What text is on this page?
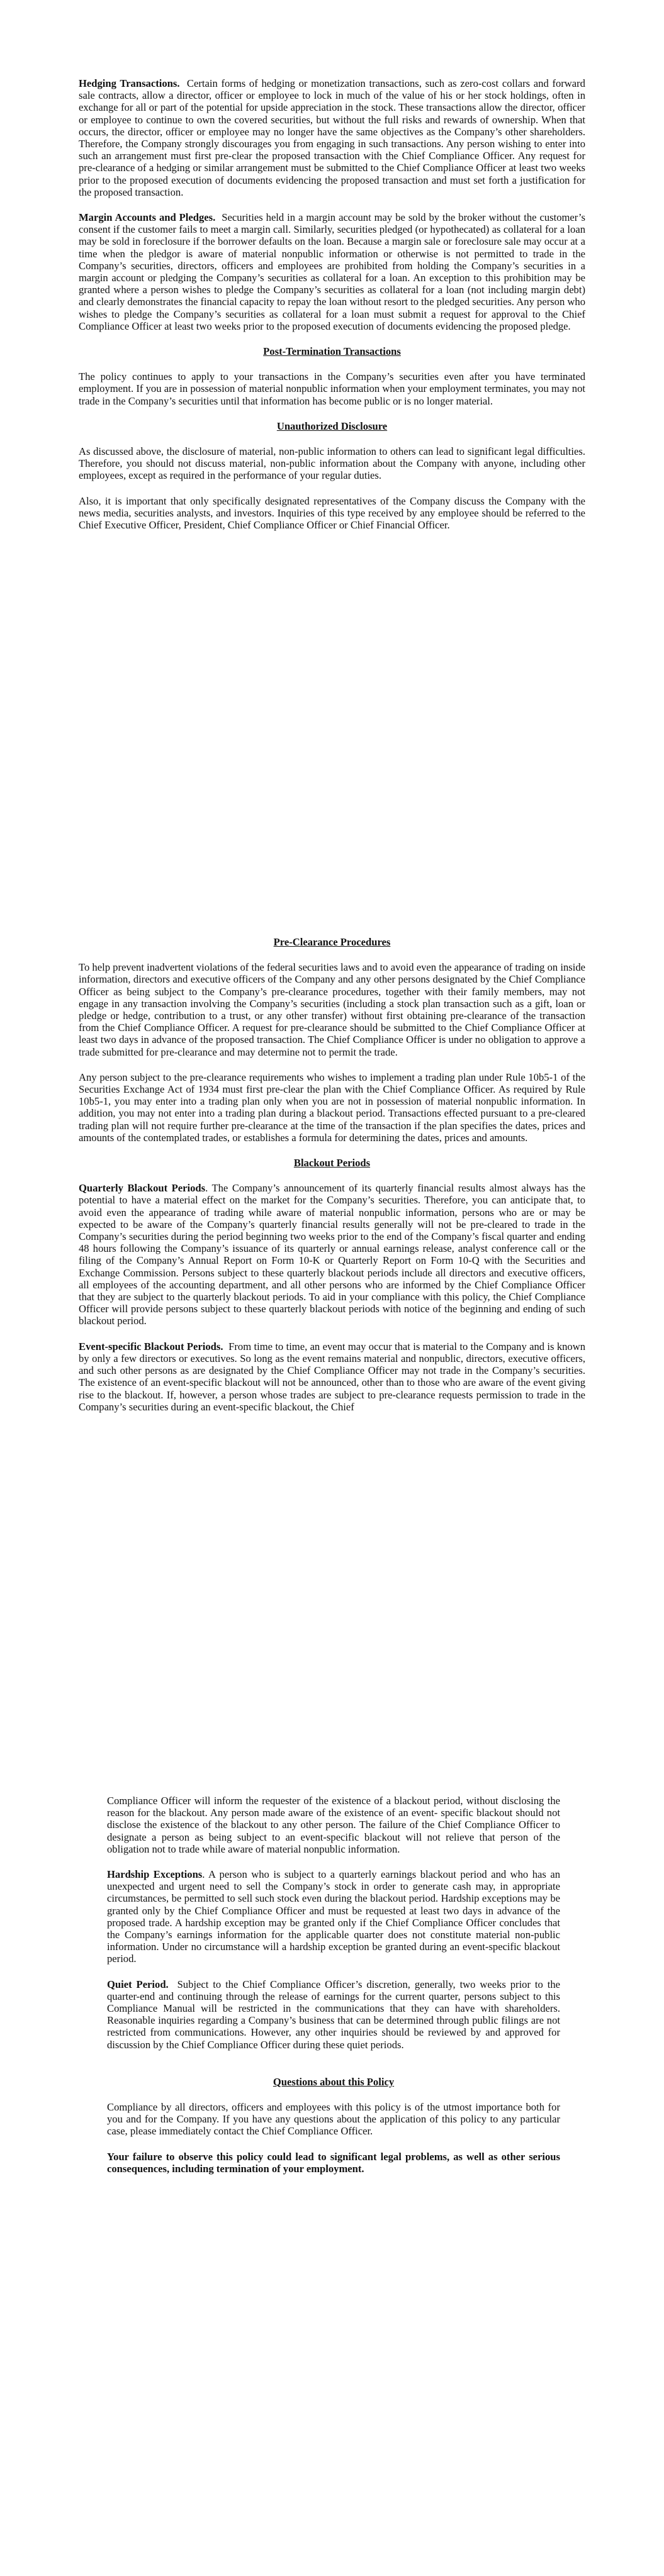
Hedging Transactions. Certain forms of hedging or monetization transactions, such as zero-cost collars and forward sale contracts, allow a director, officer or employee to lock in much of the value of his or her stock holdings, often in exchange for all or part of the potential for upside appreciation in the stock. These transactions allow the director, officer or employee to continue to own the covered securities, but without the full risks and rewards of ownership. When that occurs, the director, officer or employee may no longer have the same objectives as the Company’s other shareholders. Therefore, the Company strongly discourages you from engaging in such transactions. Any person wishing to enter into such an arrangement must first pre-clear the proposed transaction with the Chief Compliance Officer. Any request for pre-clearance of a hedging or similar arrangement must be submitted to the Chief Compliance Officer at least two weeks prior to the proposed execution of documents evidencing the proposed transaction and must set forth a justification for the proposed transaction.

Margin Accounts and Pledges. Securities held in a margin account may be sold by the broker without the customer’s consent if the customer fails to meet a margin call. Similarly, securities pledged (or hypothecated) as collateral for a loan may be sold in foreclosure if the borrower defaults on the loan. Because a margin sale or foreclosure sale may occur at a time when the pledgor is aware of material nonpublic information or otherwise is not permitted to trade in the Company’s securities, directors, officers and employees are prohibited from holding the Company’s securities in a margin account or pledging the Company’s securities as collateral for a loan. An exception to this prohibition may be granted where a person wishes to pledge the Company’s securities as collateral for a loan (not including margin debt) and clearly demonstrates the financial capacity to repay the loan without resort to the pledged securities. Any person who wishes to pledge the Company’s securities as collateral for a loan must submit a request for approval to the Chief Compliance Officer at least two weeks prior to the proposed execution of documents evidencing the proposed pledge.

Post-Termination Transactions

The policy continues to apply to your transactions in the Company’s securities even after you have terminated employment. If you are in possession of material nonpublic information when your employment terminates, you may not trade in the Company’s securities until that information has become public or is no longer material.

Unauthorized Disclosure

As discussed above, the disclosure of material, non-public information to others can lead to significant legal difficulties. Therefore, you should not discuss material, non-public information about the Company with anyone, including other employees, except as required in the performance of your regular duties.

Also, it is important that only specifically designated representatives of the Company discuss the Company with the news media, securities analysts, and investors. Inquiries of this type received by any employee should be referred to the Chief Executive Officer, President, Chief Compliance Officer or Chief Financial Officer.

Pre-Clearance Procedures

To help prevent inadvertent violations of the federal securities laws and to avoid even the appearance of trading on inside information, directors and executive officers of the Company and any other persons designated by the Chief Compliance Officer as being subject to the Company’s pre-clearance procedures, together with their family members, may not engage in any transaction involving the Company’s securities (including a stock plan transaction such as a gift, loan or pledge or hedge, contribution to a trust, or any other transfer) without first obtaining pre-clearance of the transaction from the Chief Compliance Officer. A request for pre-clearance should be submitted to the Chief Compliance Officer at least two days in advance of the proposed transaction. The Chief Compliance Officer is under no obligation to approve a trade submitted for pre-clearance and may determine not to permit the trade.

Any person subject to the pre-clearance requirements who wishes to implement a trading plan under Rule 10b5-1 of the Securities Exchange Act of 1934 must first pre-clear the plan with the Chief Compliance Officer. As required by Rule 10b5-1, you may enter into a trading plan only when you are not in possession of material nonpublic information. In addition, you may not enter into a trading plan during a blackout period. Transactions effected pursuant to a pre-cleared trading plan will not require further pre-clearance at the time of the transaction if the plan specifies the dates, prices and amounts of the contemplated trades, or establishes a formula for determining the dates, prices and amounts.

Blackout Periods

Quarterly Blackout Periods. The Company’s announcement of its quarterly financial results almost always has the potential to have a material effect on the market for the Company’s securities. Therefore, you can anticipate that, to avoid even the appearance of trading while aware of material nonpublic information, persons who are or may be expected to be aware of the Company’s quarterly financial results generally will not be pre-cleared to trade in the Company’s securities during the period beginning two weeks prior to the end of the Company’s fiscal quarter and ending 48 hours following the Company’s issuance of its quarterly or annual earnings release, analyst conference call or the filing of the Company’s Annual Report on Form 10-K or Quarterly Report on Form 10-Q with the Securities and Exchange Commission. Persons subject to these quarterly blackout periods include all directors and executive officers, all employees of the accounting department, and all other persons who are informed by the Chief Compliance Officer that they are subject to the quarterly blackout periods. To aid in your compliance with this policy, the Chief Compliance Officer will provide persons subject to these quarterly blackout periods with notice of the beginning and ending of such blackout period.

Event-specific Blackout Periods. From time to time, an event may occur that is material to the Company and is known by only a few directors or executives. So long as the event remains material and nonpublic, directors, executive officers, and such other persons as are designated by the Chief Compliance Officer may not trade in the Company’s securities. The existence of an event-specific blackout will not be announced, other than to those who are aware of the event giving rise to the blackout. If, however, a person whose trades are subject to pre-clearance requests permission to trade in the Company’s securities during an event-specific blackout, the Chief

Compliance Officer will inform the requester of the existence of a blackout period, without disclosing the reason for the blackout. Any person made aware of the existence of an event- specific blackout should not disclose the existence of the blackout to any other person. The failure of the Chief Compliance Officer to designate a person as being subject to an event-specific blackout will not relieve that person of the obligation not to trade while aware of material nonpublic information.

Hardship Exceptions. A person who is subject to a quarterly earnings blackout period and who has an unexpected and urgent need to sell the Company’s stock in order to generate cash may, in appropriate circumstances, be permitted to sell such stock even during the blackout period. Hardship exceptions may be granted only by the Chief Compliance Officer and must be requested at least two days in advance of the proposed trade. A hardship exception may be granted only if the Chief Compliance Officer concludes that the Company’s earnings information for the applicable quarter does not constitute material non-public information. Under no circumstance will a hardship exception be granted during an event-specific blackout period.

Quiet Period. Subject to the Chief Compliance Officer’s discretion, generally, two weeks prior to the quarter-end and continuing through the release of earnings for the current quarter, persons subject to this Compliance Manual will be restricted in the communications that they can have with shareholders. Reasonable inquiries regarding a Company’s business that can be determined through public filings are not restricted from communications. However, any other inquiries should be reviewed by and approved for discussion by the Chief Compliance Officer during these quiet periods.

Questions about this Policy

Compliance by all directors, officers and employees with this policy is of the utmost importance both for you and for the Company. If you have any questions about the application of this policy to any particular case, please immediately contact the Chief Compliance Officer.

Your failure to observe this policy could lead to significant legal problems, as well as other serious consequences, including termination of your employment.
